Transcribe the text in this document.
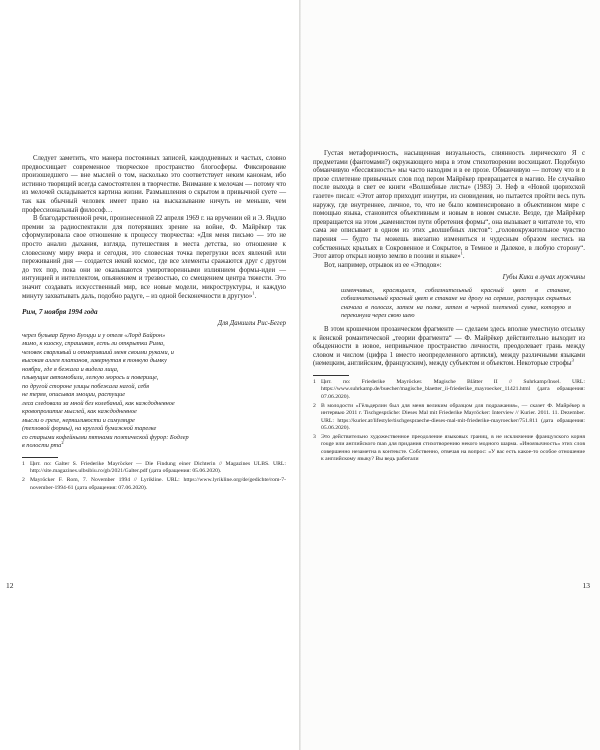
Следует заметить, что манера постоянных записей, каждодневных и частых, словно предвосхищает современное творческое пространство блогосферы. Фиксирование произошедшего — вне мыслей о том, насколько это соответствует неким канонам, ибо истинно творящий всегда самостоятелен в творчестве. Внимание к мелочам — потому что из мелочей складывается картина жизни. Размышления о скрытом в привычной суете — так как обычный человек имеет право на высказывание ничуть не меньше, чем профессиональный философ…

В благодарственной речи, произнесенной 22 апреля 1969 г. на вручении ей и Э. Яндлю премии за радиоспектакли для потерявших зрение на войне, Ф. Майрёкер так сформулировала свое отношение к процессу творчества: «Для меня письмо — это не просто анализ дыхания, взгляда, путешествия в места детства, но отношение к словесному миру вчера и сегодня, это словесная точка перегрузки всех явлений или переживаний дня — создается некий космос, где все элементы сражаются друг с другом до тех пор, пока они не оказываются умиротворенными излиянием формы-идеи — интуицией и интеллектом, опьянением и трезвостью, со смещением центра тяжести. Это значит создавать искусственный мир, все новые модели, микроструктуры, и каждую минуту захватывать даль, подобно радуге, – из одной бесконечности в другую»$^1$.

Рим, 7 ноября 1994 года
Для Даниилы Рис-Бегер
через бульвар Бруно Буоцци и у отеля «Лорд Байрон»
мимо, к киоску, спрашивая, есть ли открытки Рима,
человек сварливый и отмеривший меня своими руками, и
высокая аллея платанов, завернутая в тонкую дымку
ноябри, где я бежала и видела лица,
плывущие автомобили, легкую морось и поверище,
по другой стороне улицы побежала нагой, себя
не теряя, описывая эмоции, растущие
леса следовали за мной без колебаний, как каждодневное
кровопролитие мыслей, как каждодневное
мысли о грехе, неряшливости и симуляцре
(тепловой формы), на круглой бумажной тарелке
со старыми кофейными пятнами поэтической фурор: Бодлер
в полости рта$^2$
1 Цит. по: Galter S. Friederike Mayröcker — Die Findung einer Dichterin // Magazines ULBS. URL: http://site.magazines.ulbsibiu.ro/gb/2021/Galter.pdf (дата обращения: 05.06.2020).
2 Mayröcker F. Rom, 7. November 1994 // Lyrikline. URL: https://www.lyrikline.org/de/gedichte/rom-7-november-1994-61 (дата обращения: 07.06.2020).
12

Густая метафоричность, насыщенная визуальность, слиянность лирического Я с предметами (фантомами?) окружающего мира в этом стихотворении восхищают. Подобную обманчивую «бессвязность» мы часто находим и в ее прозе. Обманчивую — потому что и в прозе сплетение привычных слов под пером Майрёкер превращается в магию. Не случайно после выхода в свет ее книги «Волшебные листы» (1983) Э. Неф в «Новой цюрихской газете» писал: «Этот автор приходит изнутри, из сновидения, но пытается пройти весь путь наружу, где внутреннее, личное, то, что не было компенсировано в объективном мире с помощью языка, становится объективным и новым в новом смысле. Везде, где Майрёкер превращается на этом „каменистом пути обретения формы“, она вызывает в читателе то, что сама же описывает в одном из этих „волшебных листов“: „головокружительное чувство парения — будто ты можешь внезапно измениться и чудесным образом нестись на собственных крыльях в Сокровенное и Сокрытое, в Темное и Далекое, в любую сторону“. Этот автор открыл новую землю в поэзии и языке»$^1$.

Вот, например, отрывок из ее «Этюдов»:

Губы Кики в лучах мужчины
изменчивых, красящиеся, соблазнительный красный цвет в стакане, соблазнительный красный цвет в стакане на дрогу на сервизе, растущих скрытых сначала в полосах, затем на полке, затем в черной плетеной сумке, которую я перекинула через свою шею

В этом крошечном прозаическом фрагменте — сделаем здесь вполне уместную отсылку к йенской романтической „теории фрагмента“ — Ф. Майрёкер действительно выходит из обыденности в новое, непривычное пространство личности, преодолевает грань между словом и числом (цифра 1 вместо неопределенного артикля), между различными языками (немецким, английским, французским), между субъектом и объектом. Некоторые строфы$^3$

1 Цит. по: Friederike Mayröcker. Magische Blätter II // Suhrkamp/Insel. URL: https://www.suhrkamp.de/buecher/magische_blaetter_ii-friederike_mayroecker_11421.html (дата обращения: 07.06.2020).
2 В молодости «Гёльдерлин был для меня великим образцом для подражания», — сказет Ф. Майрёкер в интервью 2011 г. Tischgespräche: Dieses Mal mit Friederike Mayröcker: Interview // Kurier. 2011. 11. Dezember. URL: https://kurier.at/lifestyle/tischgespraeche-dieses-mal-mit-friederike-mayroecker/751.811 (дата обращения: 05.06.2020).
3 Это действительно художественное преодоление языковых границ, в не исключение французского корня rouge или английского man для придания стихотворению некого модного шарма. «Иноязычность» этих слов совершенно незаметна в контексте. Собственно, отвечая на вопрос: «У вас есть какое-то особое отношение к английскому языку? Вы ведь работали
13
